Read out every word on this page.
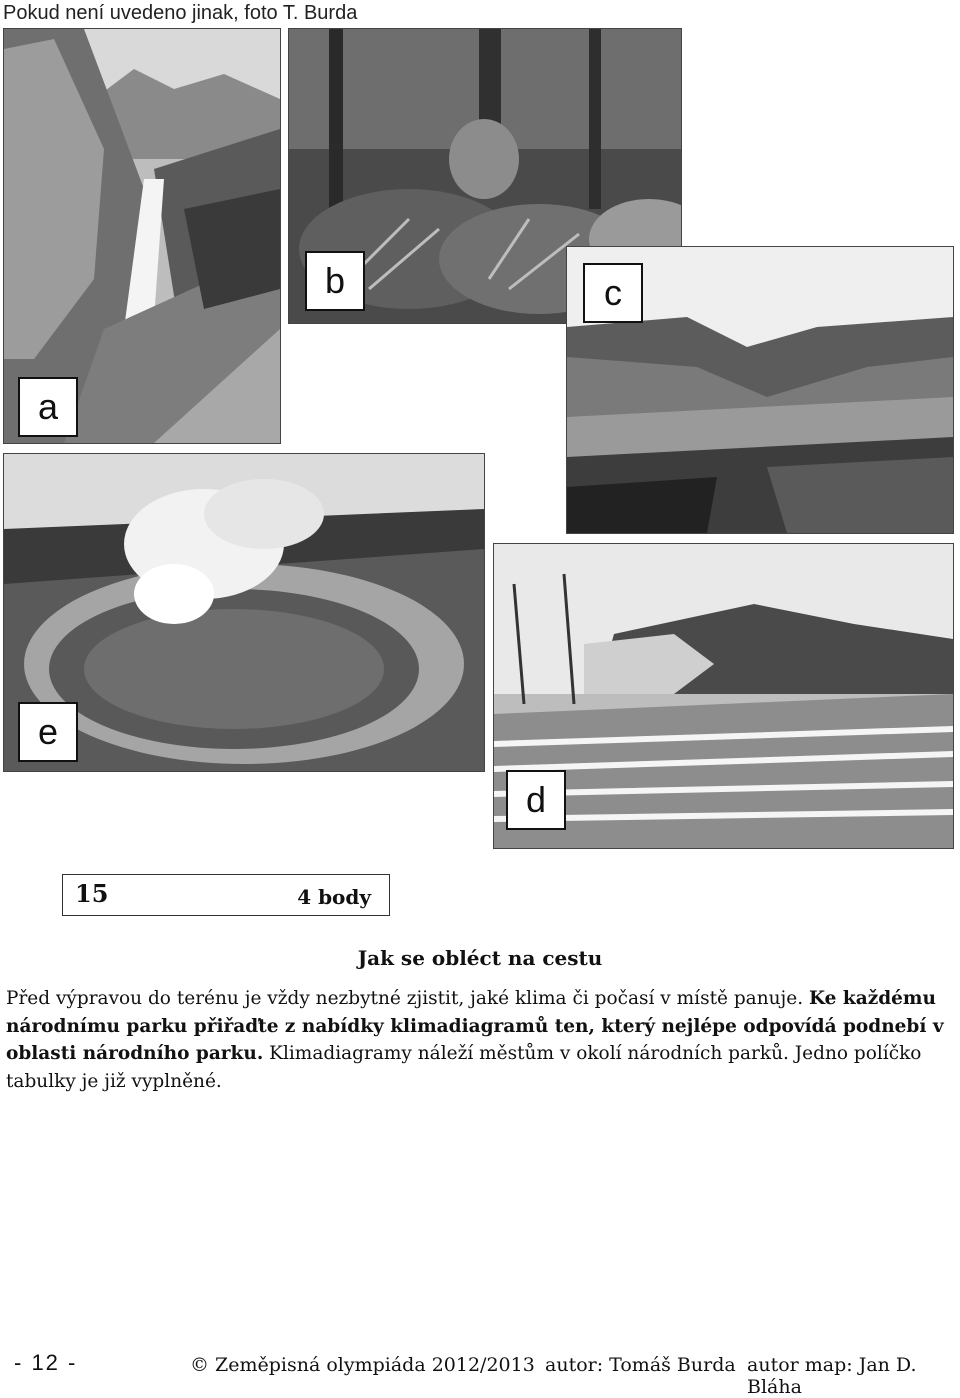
Pokud není uvedeno jinak, foto T. Burda
a
b	c
e
d
15	4 body
Jak se obléct na cestu
Před výpravou do terénu je vždy nezbytné zjistit, jaké klima či počasí v místě panuje. Ke každému národnímu parku přiřaďte z nabídky klimadiagramů ten, který nejlépe odpovídá podnebí v oblasti národního parku. Klimadiagramy náleží městům v okolí národních parků. Jedno políčko tabulky je již vyplněné.
- 12 -	© Zeměpisná olympiáda 2012/2013 autor: Tomáš Burda autor map: Jan D. Bláha
